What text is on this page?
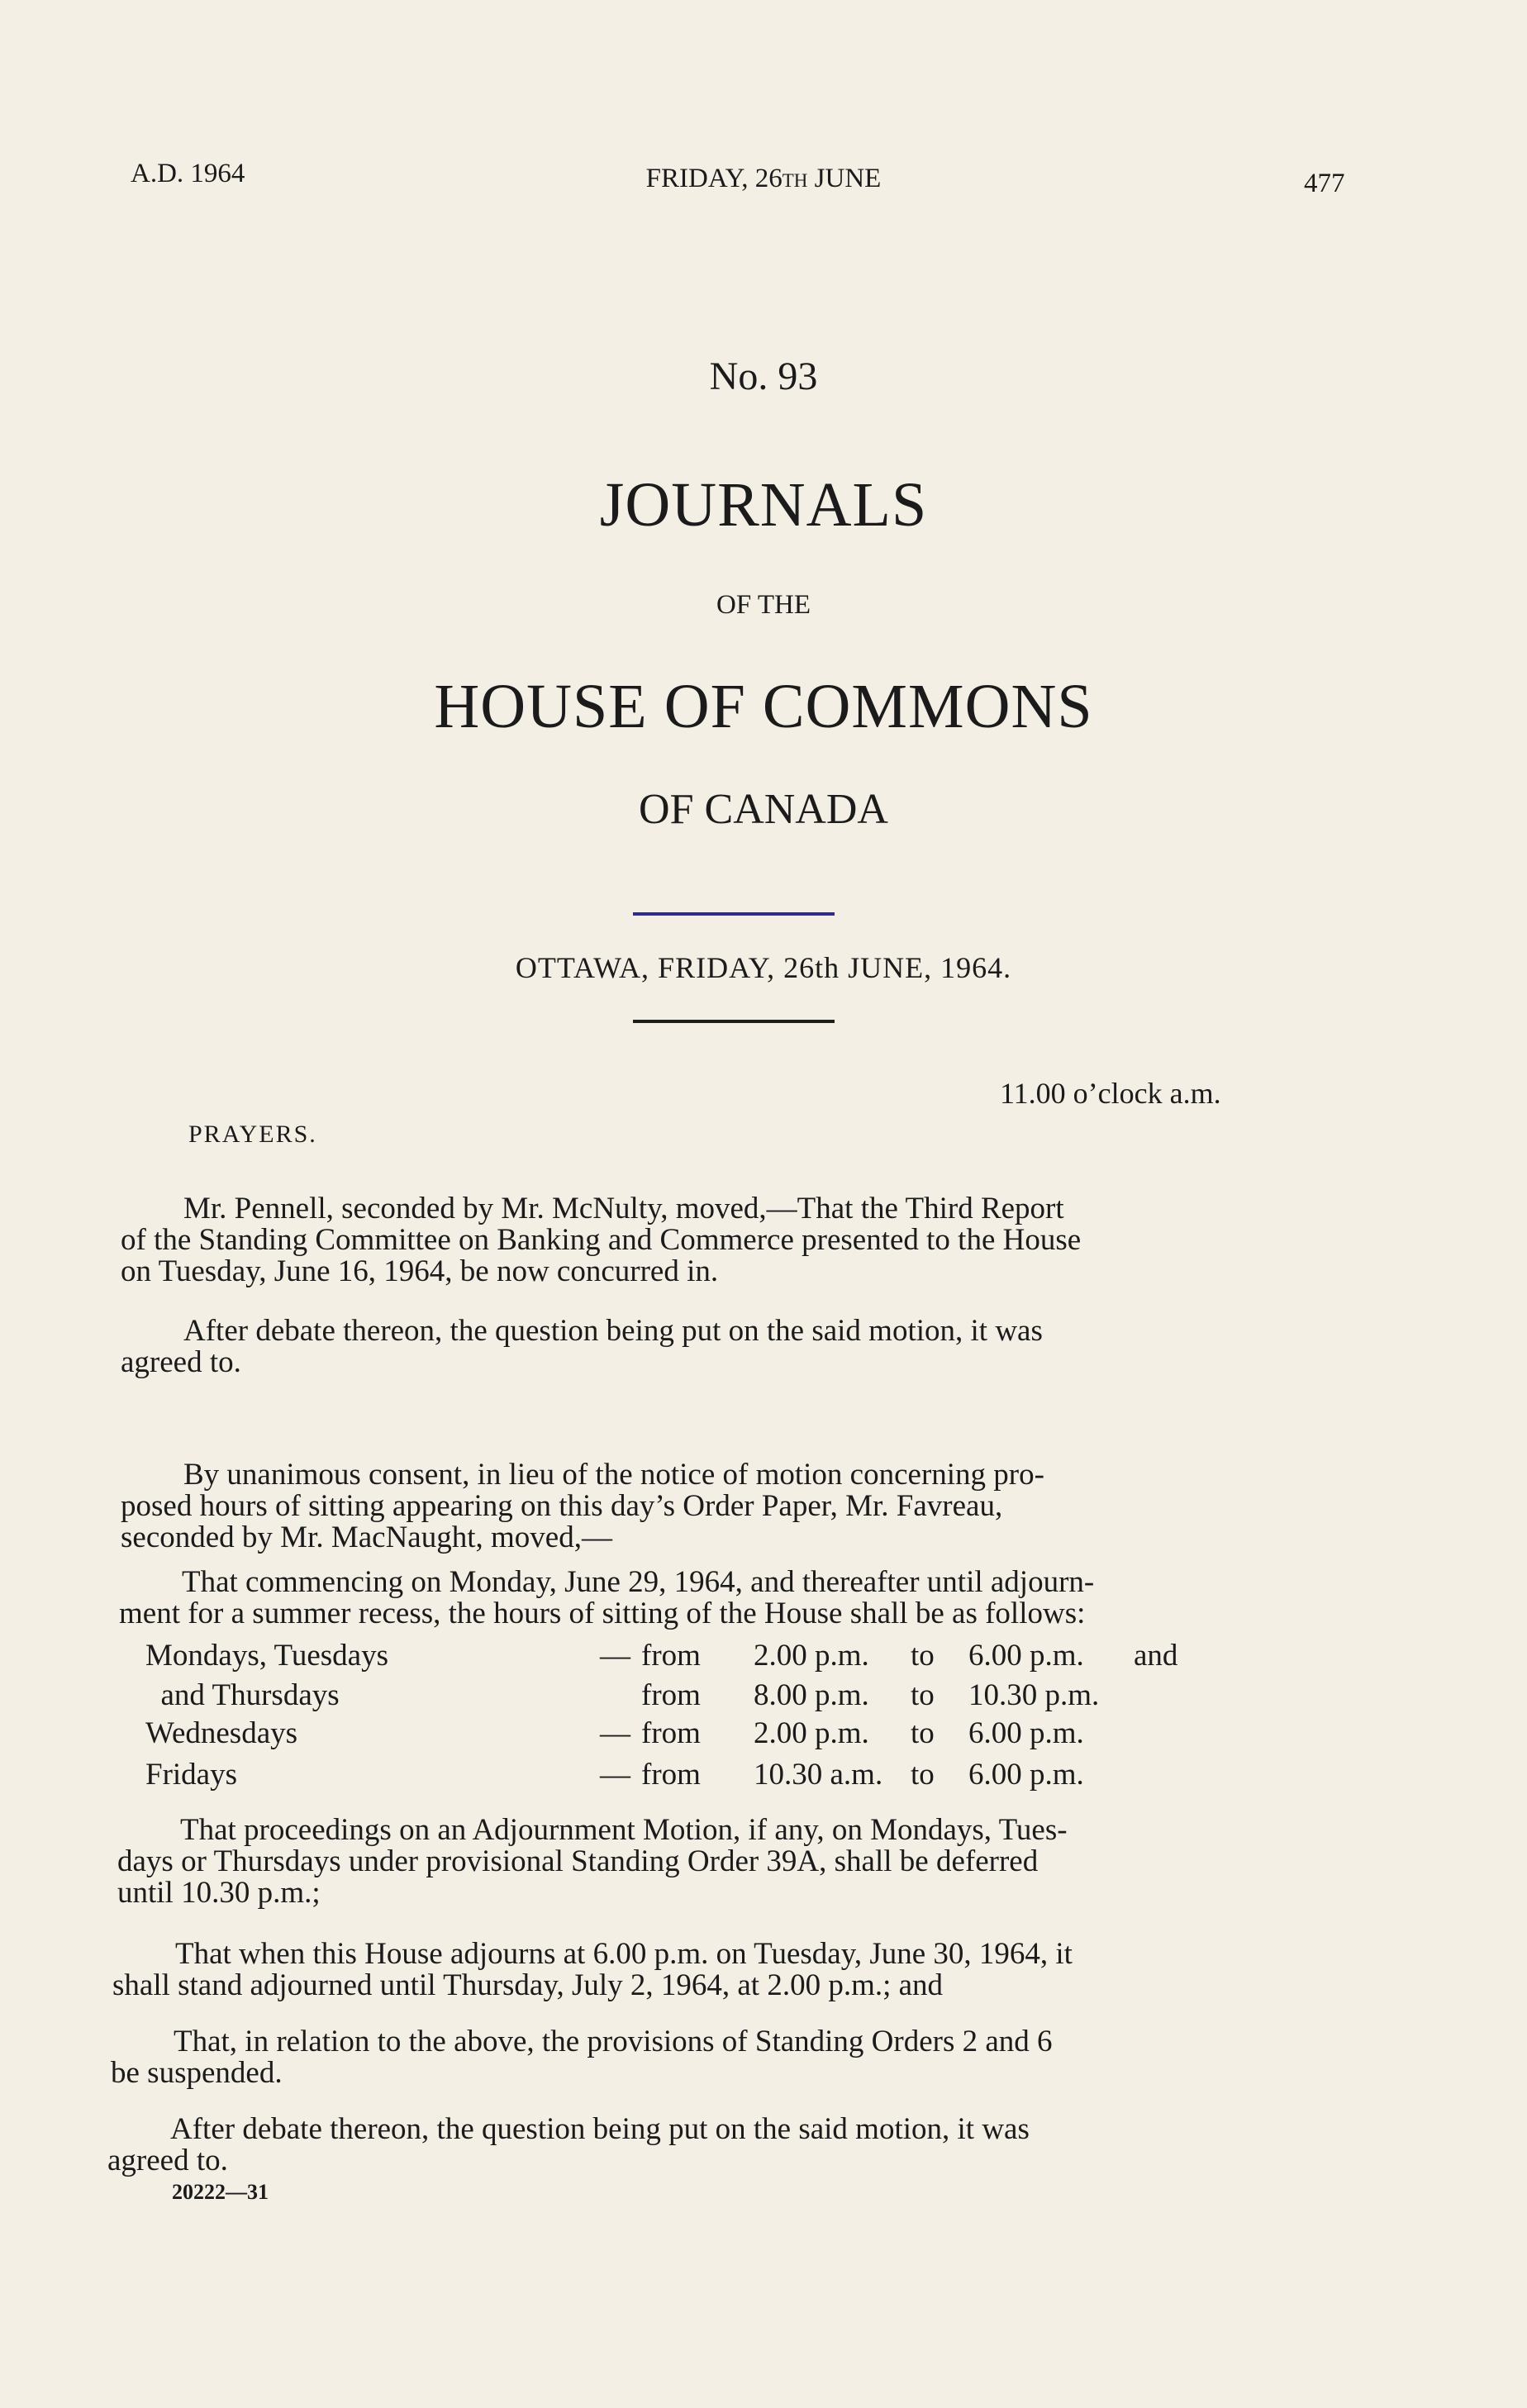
A.D. 1964	FRIDAY, 26TH JUNE	477
No. 93
JOURNALS
OF THE
HOUSE OF COMMONS
OF CANADA
OTTAWA, FRIDAY, 26th JUNE, 1964.
11.00 o’clock a.m.
PRAYERS.
Mr. Pennell, seconded by Mr. McNulty, moved,—That the Third Report
of the Standing Committee on Banking and Commerce presented to the House
on Tuesday, June 16, 1964, be now concurred in.
After debate thereon, the question being put on the said motion, it was
agreed to.
By unanimous consent, in lieu of the notice of motion concerning pro-
posed hours of sitting appearing on this day’s Order Paper, Mr. Favreau,
seconded by Mr. MacNaught, moved,—
That commencing on Monday, June 29, 1964, and thereafter until adjourn-
ment for a summer recess, the hours of sitting of the House shall be as follows:
Mondays, Tuesdays	— from 2.00 p.m. to 6.00 p.m. and
and Thursdays	from 8.00 p.m. to 10.30 p.m.
Wednesdays	— from 2.00 p.m. to 6.00 p.m.
Fridays	— from 10.30 a.m. to 6.00 p.m.
That proceedings on an Adjournment Motion, if any, on Mondays, Tues-
days or Thursdays under provisional Standing Order 39A, shall be deferred
until 10.30 p.m.;
That when this House adjourns at 6.00 p.m. on Tuesday, June 30, 1964, it
shall stand adjourned until Thursday, July 2, 1964, at 2.00 p.m.; and
That, in relation to the above, the provisions of Standing Orders 2 and 6
be suspended.
After debate thereon, the question being put on the said motion, it was
agreed to.
20222—31
